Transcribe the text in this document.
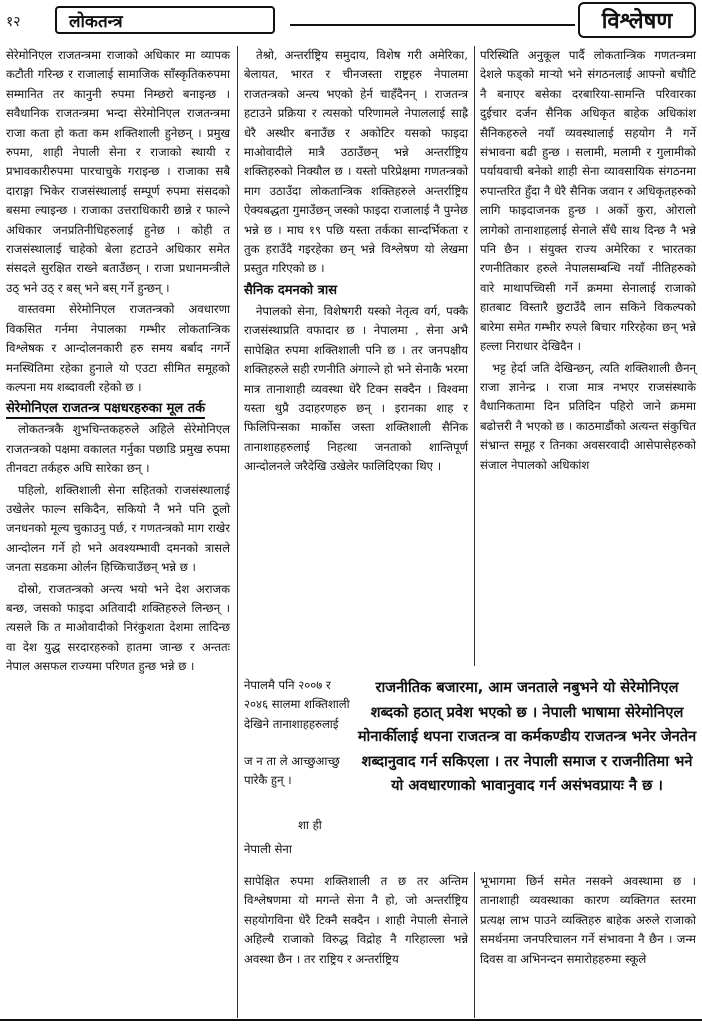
१२	लोकतन्त्र	विश्लेषण

सेरेमोनिएल राजतन्त्रमा राजाको अधिकार मा व्यापक कटौती गरिन्छ र राजालाई सामाजिक साँस्कृतिकरुपमा सम्मानित तर कानुनी रुपमा निम्छरो बनाइन्छ । सवैधानिक राजतन्त्रमा भन्दा सेरेमोनिएल राजतन्त्रमा राजा कता हो कता कम शक्तिशाली हुनेछन् । प्रमुख रुपमा, शाही नेपाली सेना र राजाको स्थायी र प्रभावकारीरुपमा पारचाचुके गराइन्छ । राजाका सबै दाराङ्गा भिकेर राजसंस्थालाई सम्पूर्ण रुपमा संसदको बसमा ल्याइन्छ । राजाका उत्तराधिकारी छान्ने र फाल्ने अधिकार जनप्रतिनीधिहरुलाई हुनेछ । कोही त राजसंस्थालाई चाहेको बेला हटाउने अधिकार समेत संसदले सुरक्षित राख्ने बताउँछन् । राजा प्रधानमन्त्रीले उठ् भने उठ् र बस् भने बस् गर्ने हुन्छन् ।

वास्तवमा सेरेमोनिएल राजतन्त्रको अवधारणा विकसित गर्नमा नेपालका गम्भीर लोकतान्त्रिक विश्लेषक र आन्दोलनकारी हरु समय बर्बाद नगर्ने मनस्थितिमा रहेका हुनाले यो एउटा सीमित समूहको कल्पना मय शब्दावली रहेको छ ।

सेरेमोनिएल राजतन्त्र पक्षधरहरुका मूल तर्क

लोकतन्त्रकै शुभचिन्तकहरुले अहिले सेरेमोनिएल राजतन्त्रको पक्षमा वकालत गर्नुका पछाडि प्रमुख रुपमा तीनवटा तर्कहरु अघि सारेका छन् ।

पहिलो, शक्तिशाली सेना सहितको राजसंस्थालाई उखेलेर फाल्न सकिदैन, सकियो नै भने पनि ठूलो जनधनको मूल्य चुकाउनु पर्छ, र गणतन्त्रको माग राखेर आन्दोलन गर्ने हो भने अवश्यम्भावी दमनको त्रासले जनता सडकमा ओर्लन हिच्किचाउँछन् भन्ने छ ।

दोस्रो, राजतन्त्रको अन्त्य भयो भने देश अराजक बन्छ, जसको फाइदा अतिवादी शक्तिहरुले लिन्छन् । त्यसले कि त माओवादीको निरंकुशता देशमा लादिन्छ वा देश युद्ध सरदारहरुको हातमा जान्छ र अन्ततः नेपाल असफल राज्यमा परिणत हुन्छ भन्ने छ ।

तेश्रो, अन्तर्राष्ट्रिय समुदाय, विशेष गरी अमेरिका, बेलायत, भारत र चीनजस्ता राष्ट्रहरु नेपालमा राजतन्त्रको अन्त्य भएको हेर्न चाहँदैनन् । राजतन्त्र हटाउने प्रक्रिया र त्यसको परिणामले नेपाललाई साह्रै धेरै अस्थीर बनाउँछ र अकोटिर यसको फाइदा माओवादीले मात्रै उठाउँछन् भन्ने अन्तर्राष्ट्रिय शक्तिहरुको निक्यौल छ । यस्तो परिप्रेक्षमा गणतन्त्रको माग उठाउँदा लोकतान्त्रिक शक्तिहरुले अन्तर्राष्ट्रिय ऐक्यबद्धता गुमाउँछन् जस्को फाइदा राजालाई नै पुग्नेछ भन्ने छ । माघ १९ पछि यस्ता तर्कका सान्दर्भिकता र तुक हराउँदै गइरहेका छन् भन्ने विश्लेषण यो लेखमा प्रस्तुत गरिएको छ ।

सैनिक दमनको त्रास

नेपालको सेना, विशेषगरी यस्को नेतृत्व वर्ग, पक्कै राजसंस्थाप्रति वफादार छ । नेपालमा , सेना अभै सापेक्षित रुपमा शक्तिशाली पनि छ । तर जनपक्षीय शक्तिहरुले सही रणनीति अंगाल्ने हो भने सेनाकै भरमा मात्र तानाशाही व्यवस्था धेरै टिक्न सक्दैन । विश्वमा यस्ता थुप्रै उदाहरणहरु छन् । इरानका शाह र फिलिपिन्सका मार्कोस जस्ता शक्तिशाली सैनिक तानाशाहहरुलाई निहत्था जनताको शान्तिपूर्ण आन्दोलनले जरैदेखि उखेलेर फालिदिएका थिए ।

नेपालमै पनि २००७ र २०४६ सालमा शक्तिशाली देखिने तानाशाहहरुलाई
ज न ता ले आच्छुआच्छु पारेकै हुन् ।
शा ही
नेपाली सेना

सापेक्षित रुपमा शक्तिशाली त छ तर अन्तिम विश्लेषणमा यो मगन्ते सेना नै हो, जो अन्तर्राष्ट्रिय सहयोगविना धेरै टिक्नै सक्दैन । शाही नेपाली सेनाले अहिल्यै राजाको विरुद्ध विद्रोह नै गरिहाल्ला भन्ने अवस्था छैन । तर राष्ट्रिय र अन्तर्राष्ट्रिय

परिस्थिति अनुकूल पार्दै लोकतान्त्रिक गणतन्त्रमा देशले फड्को मार्‍यो भने संगठनलाई आफ्नो बचौटि नै बनाएर बसेका दरबारिया-सामन्ति परिवारका दुईचार दर्जन सैनिक अधिकृत बाहेक अधिकांश सैनिकहरुले नयाँ व्यवस्थालाई सहयोग नै गर्ने संभावना बढी हुन्छ । सलामी, मलामी र गुलामीको पर्यायवाची बनेको शाही सेना व्यावसायिक संगठनमा रुपान्तरित हुँदा नै धेरै सैनिक जवान र अधिकृतहरुको लागि फाइदाजनक हुन्छ । अर्को कुरा, ओरालो लागेको तानाशाहलाई सेनाले सँधै साथ दिन्छ नै भन्ने पनि छैन । संयुक्त राज्य अमेरिका र भारतका रणनीतिकार हरुले नेपालसम्बन्धि नयाँ नीतिहरुको वारे माथापच्चिसी गर्ने क्रममा सेनालाई राजाको हातबाट विस्तारै छुटाउँदै लान सकिने विकल्पको बारेमा समेत गम्भीर रुपले बिचार गरिरहेका छन् भन्ने हल्ला निराधार देखिदैन ।

भट्ट हेर्दा जति देखिन्छन्, त्यति शक्तिशाली छैनन् राजा ज्ञानेन्द्र । राजा मात्र नभएर राजसंस्थाके वैधानिकतामा दिन प्रतिदिन पहिरो जाने क्रममा बढोत्तरी नै भएको छ । काठमाडौंको अत्यन्त संकुचित संभ्रान्त समूह र तिनका अवसरवादी आसेपासेहरुको संजाल नेपालको अधिकांश

भूभागमा छिर्न समेत नसक्ने अवस्थामा छ । तानाशाही व्यवस्थाका कारण व्यक्तिगत स्तरमा प्रत्यक्ष लाभ पाउने व्यक्तिहरु बाहेक अरुले राजाको समर्थनमा जनपरिचालन गर्ने संभावना नै छैन । जन्म दिवस वा अभिनन्दन समारोहहरुमा स्कूले

राजनीतिक बजारमा, आम जनताले नबुभने यो सेरेमोनिएल शब्दको हठात् प्रवेश भएको छ । नेपाली भाषामा सेरेमोनिएल मोनार्कीलाई थपना राजतन्त्र वा कर्मकण्डीय राजतन्त्र भनेर जेनतेन शब्दानुवाद गर्न सकिएला । तर नेपाली समाज र राजनीतिमा भने यो अवधारणाको भावानुवाद गर्न असंभवप्रायः नै छ ।
